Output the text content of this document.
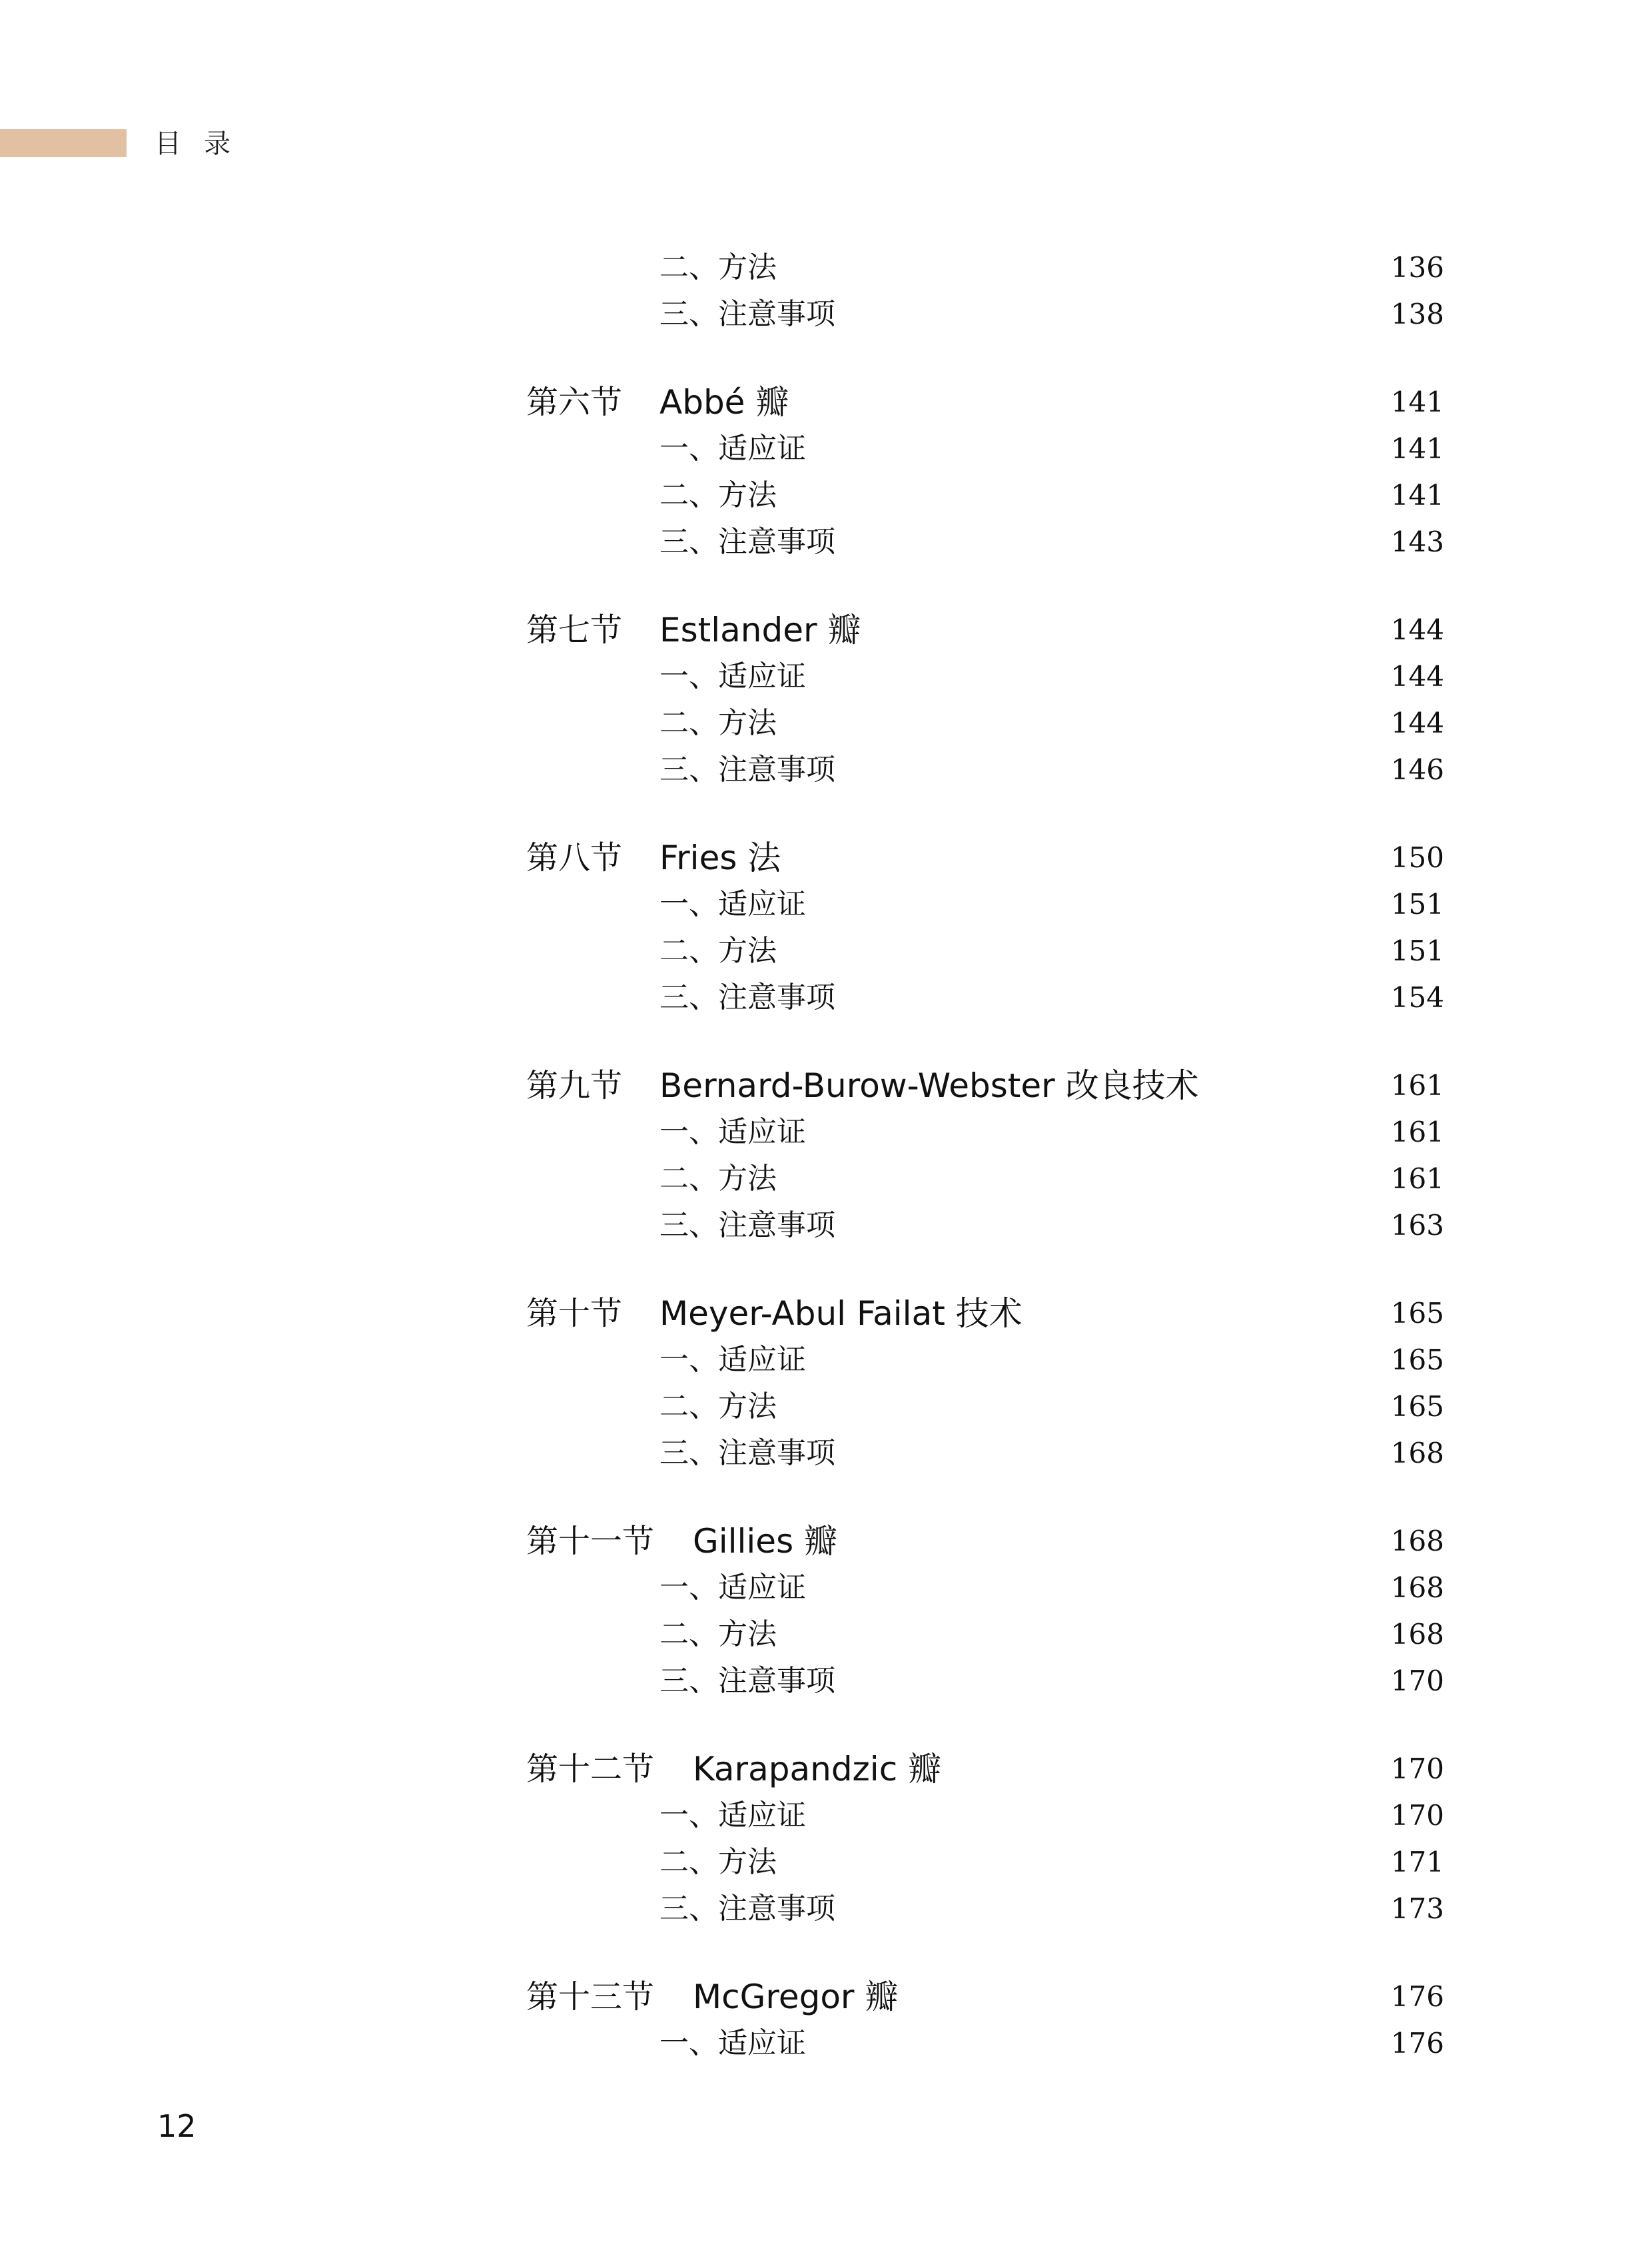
目录
二、方法	136
三、注意事项	138
第六节 Abbé 瓣	141
一、适应证	141
二、方法	141
三、注意事项	143
第七节 Estlander 瓣	144
一、适应证	144
二、方法	144
三、注意事项	146
第八节 Fries 法	150
一、适应证	151
二、方法	151
三、注意事项	154
第九节 Bernard-Burow-Webster 改良技术	161
一、适应证	161
二、方法	161
三、注意事项	163
第十节 Meyer-Abul Failat 技术	165
一、适应证	165
二、方法	165
三、注意事项	168
第十一节 Gillies 瓣	168
一、适应证	168
二、方法	168
三、注意事项	170
第十二节 Karapandzic 瓣	170
一、适应证	170
二、方法	171
三、注意事项	173
第十三节 McGregor 瓣	176
一、适应证	176
12
